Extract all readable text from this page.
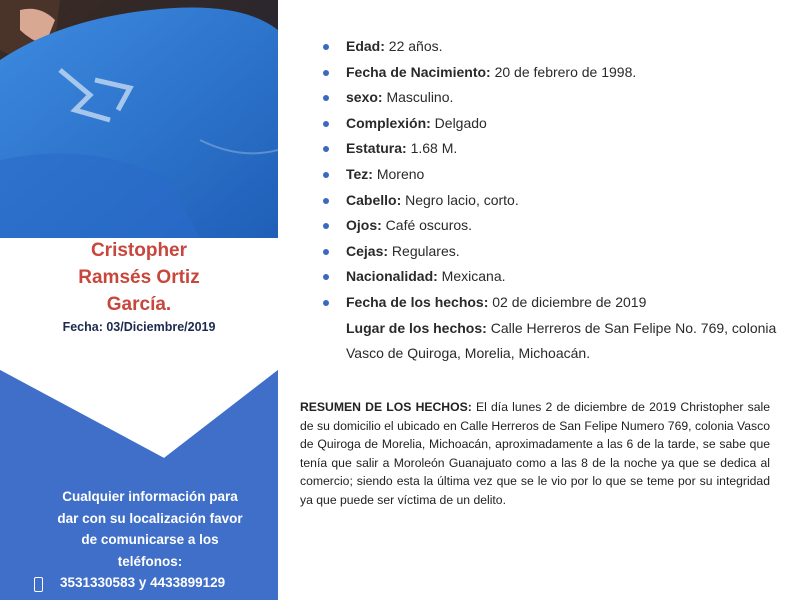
Cristopher
Ramsés Ortiz
García.
Fecha: 03/Diciembre/2019
Cualquier información para
dar con su localización favor
de comunicarse a los
teléfonos:
3531330583 y 4433899129
Edad: 22 años.
Fecha de Nacimiento: 20 de febrero de 1998.
sexo: Masculino.
Complexión: Delgado
Estatura: 1.68 M.
Tez: Moreno
Cabello: Negro lacio, corto.
Ojos: Café oscuros.
Cejas: Regulares.
Nacionalidad: Mexicana.
Fecha de los hechos: 02 de diciembre de 2019
Lugar de los hechos: Calle Herreros de San Felipe No. 769, colonia Vasco de Quiroga, Morelia, Michoacán.
RESUMEN DE LOS HECHOS: El día lunes 2 de diciembre de 2019 Christopher sale de su domicilio el ubicado en Calle Herreros de San Felipe Numero 769, colonia Vasco de Quiroga de Morelia, Michoacán, aproximadamente a las 6 de la tarde, se sabe que tenía que salir a Moroleón Guanajuato como a las 8 de la noche ya que se dedica al comercio; siendo esta la última vez que se le vio por lo que se teme por su integridad ya que puede ser víctima de un delito.
